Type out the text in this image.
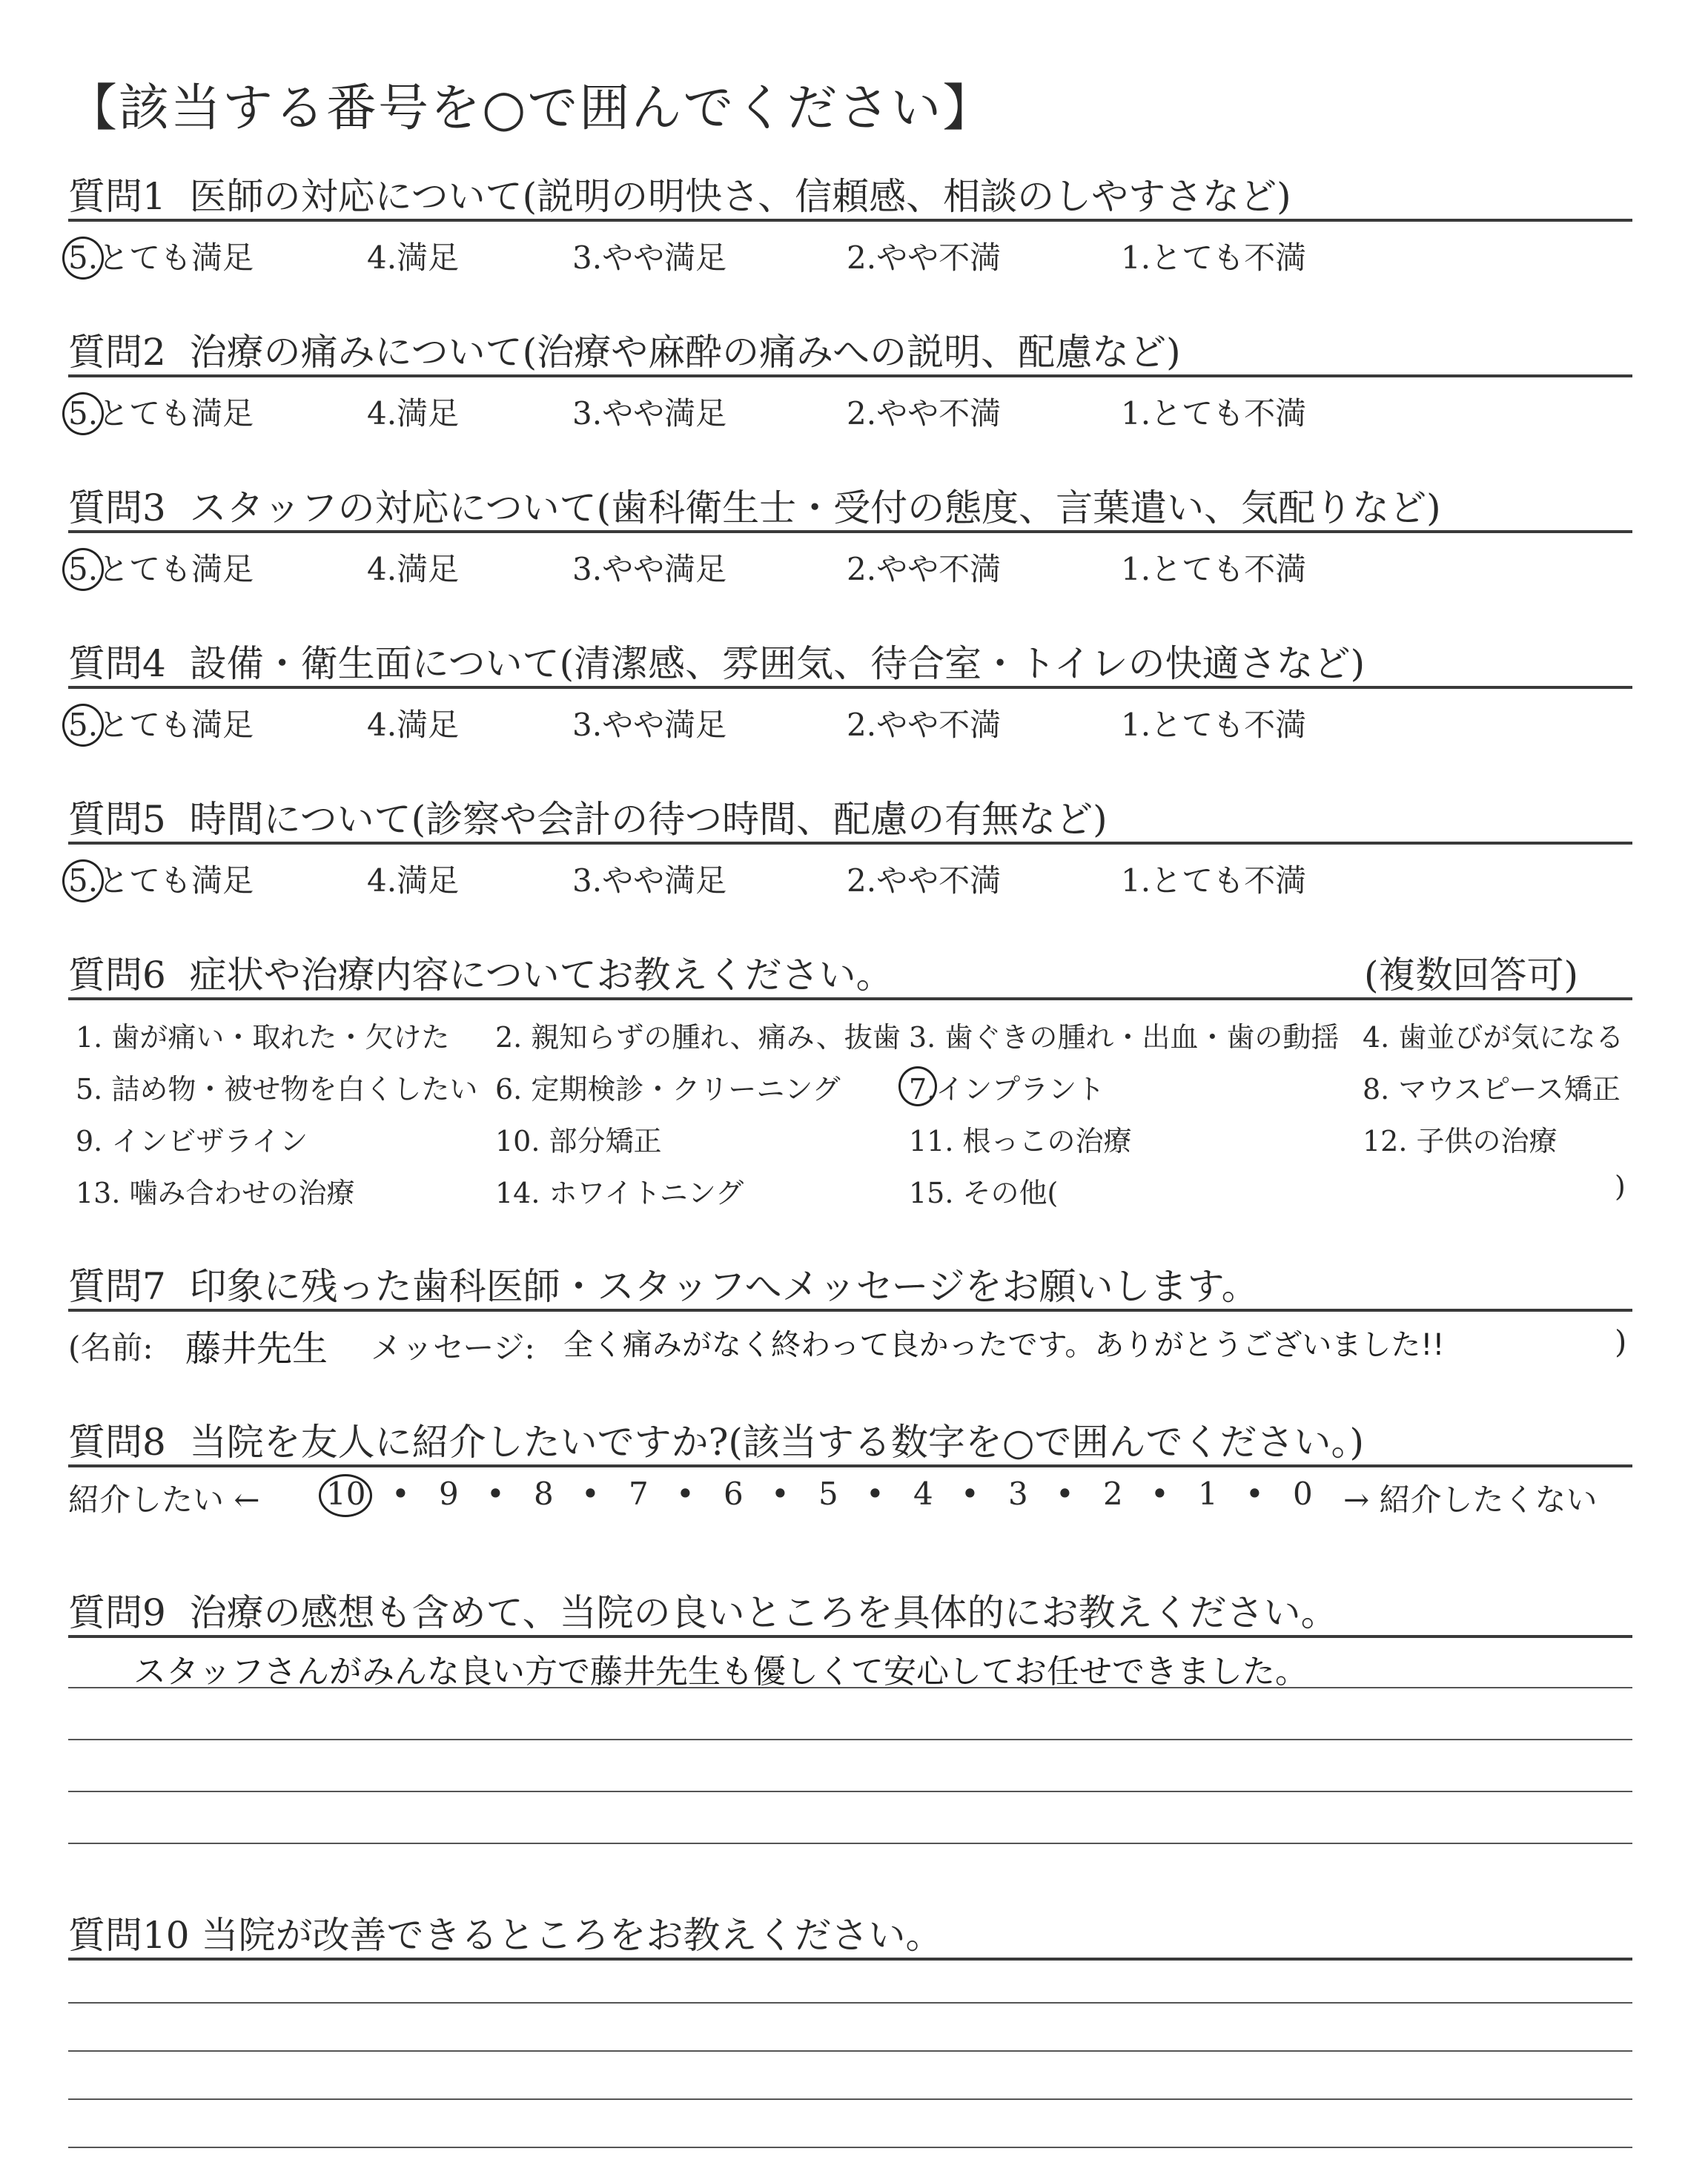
【該当する番号を○で囲んでください】
質問1 医師の対応について(説明の明快さ、信頼感、相談のしやすさなど)
5.とても満足	4.満足	3.やや満足	2.やや不満	1.とても不満
質問2 治療の痛みについて(治療や麻酔の痛みへの説明、配慮など)
5.とても満足	4.満足	3.やや満足	2.やや不満	1.とても不満
質問3 スタッフの対応について(歯科衛生士・受付の態度、言葉遣い、気配りなど)
5.とても満足	4.満足	3.やや満足	2.やや不満	1.とても不満
質問4 設備・衛生面について(清潔感、雰囲気、待合室・トイレの快適さなど)
5.とても満足	4.満足	3.やや満足	2.やや不満	1.とても不満
質問5 時間について(診察や会計の待つ時間、配慮の有無など)
5.とても満足	4.満足	3.やや満足	2.やや不満	1.とても不満
質問6 症状や治療内容についてお教えください。	(複数回答可)
1. 歯が痛い・取れた・欠けた 2. 親知らずの腫れ、痛み、抜歯 3. 歯ぐきの腫れ・出血・歯の動揺 4. 歯並びが気になる
5. 詰め物・被せ物を白くしたい 6. 定期検診・クリーニング 7.インプラント	8. マウスピース矯正
9. インビザライン	10. 部分矯正	11. 根っこの治療	12. 子供の治療
13. 噛み合わせの治療	14. ホワイトニング	15. その他(	)
質問7 印象に残った歯科医師・スタッフへメッセージをお願いします。
(名前: 藤井先生 メッセージ: 全く痛みがなく終わって良かったです。ありがとうございました!!	)
質問8 当院を友人に紹介したいですか?(該当する数字を○で囲んでください。)
紹介したい ←	→ 紹介したくない
10 • 9 • 8 • 7 • 6 • 5 • 4 • 3 • 2 • 1 • 0
質問9 治療の感想も含めて、当院の良いところを具体的にお教えください。
スタッフさんがみんな良い方で藤井先生も優しくて安心してお任せできました。
質問10 当院が改善できるところをお教えください。
